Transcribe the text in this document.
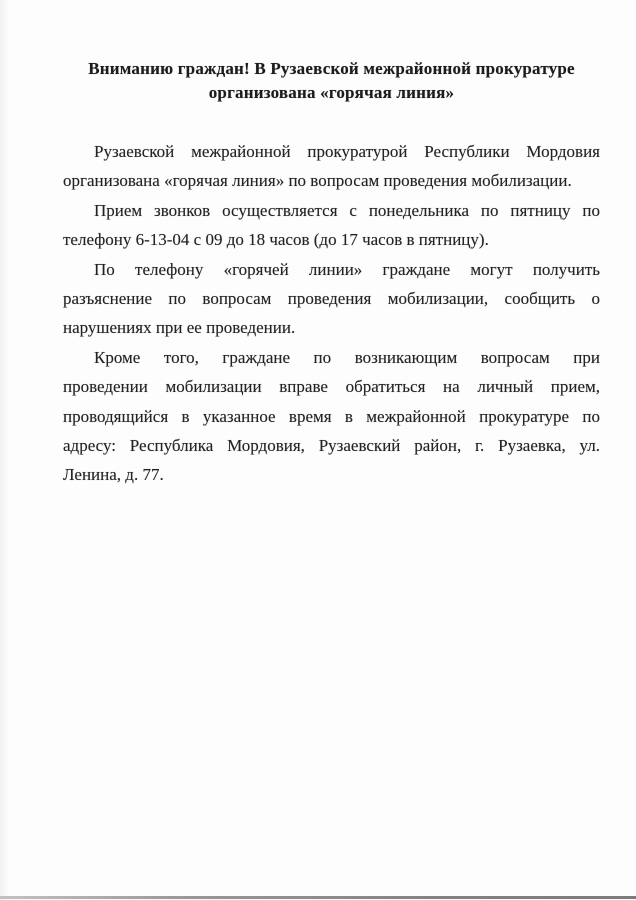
Вниманию граждан! В Рузаевской межрайонной прокуратуре
организована «горячая линия»
Рузаевской межрайонной прокуратурой Республики Мордовия
организована «горячая линия» по вопросам проведения мобилизации.
Прием звонков осуществляется с понедельника по пятницу по
телефону 6-13-04 с 09 до 18 часов (до 17 часов в пятницу).
По телефону «горячей линии» граждане могут получить
разъяснение по вопросам проведения мобилизации, сообщить о
нарушениях при ее проведении.
Кроме того, граждане по возникающим вопросам при
проведении мобилизации вправе обратиться на личный прием,
проводящийся в указанное время в межрайонной прокуратуре по
адресу: Республика Мордовия, Рузаевский район, г. Рузаевка, ул.
Ленина, д. 77.
